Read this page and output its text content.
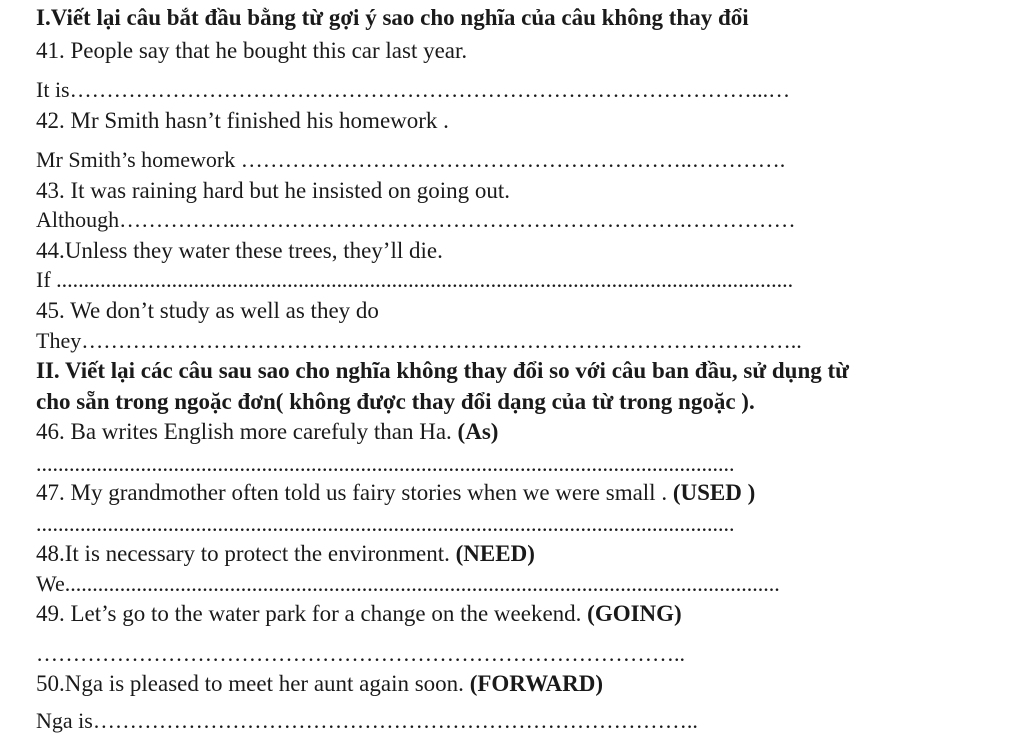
I.Viết lại câu bắt đầu bằng từ gợi ý sao cho nghĩa của câu không thay đổi
41. People say that he bought this car last year.
It is…………………………………………………………………………………...…
42. Mr Smith hasn’t finished his homework .
Mr Smith’s homework ……………………………………………………..………….
43. It was raining hard but he insisted on going out.
Although……………..…………………………………………………….……………
44.Unless they water these trees, they’ll die.
If ......................................................................................................................................
45. We don’t study as well as they do
They………………………………………………….…………………………………..
II. Viết lại các câu sau sao cho nghĩa không thay đổi so với câu ban đầu, sử dụng từ
cho sẵn trong ngoặc đơn( không được thay đổi dạng của từ trong ngoặc ).
46. Ba writes English more carefuly than Ha. (As)
...............................................................................................................................
47. My grandmother often told us fairy stories when we were small . (USED )
...............................................................................................................................
48.It is necessary to protect the environment. (NEED)
We..................................................................................................................................
49. Let’s go to the water park for a change on the weekend. (GOING)
……………………………………………………………………………..
50.Nga is pleased to meet her aunt again soon. (FORWARD)
Nga is………………………………………………………………………..
